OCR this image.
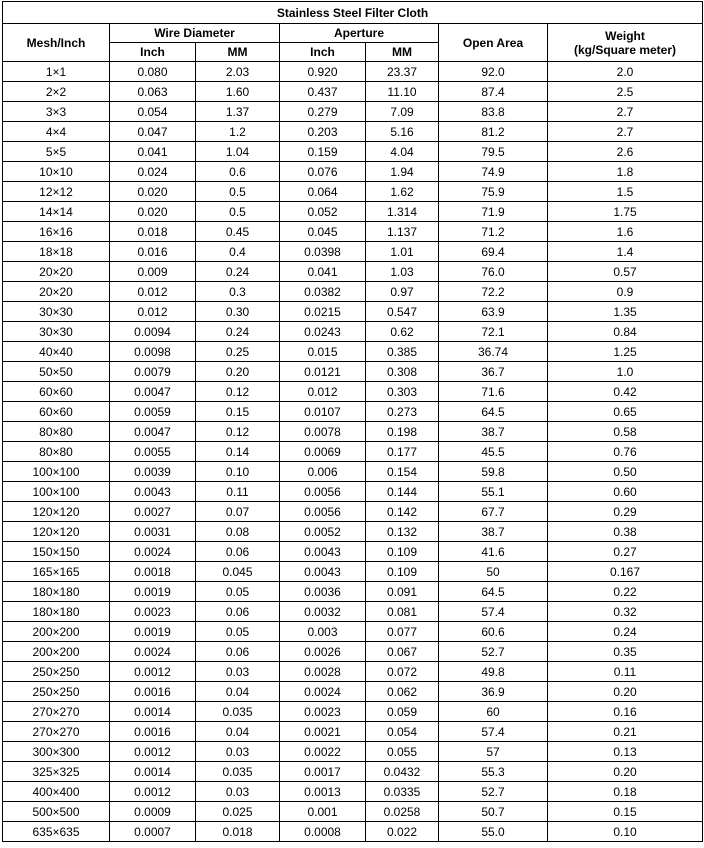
Stainless Steel Filter Cloth						
Mesh/Inch	Wire Diameter		Aperture		Open Area	Weight
(kg/Square meter)

	Inch	MM	Inch	MM		
1×1	0.080	2.03	0.920	23.37	92.0	2.0
2×2	0.063	1.60	0.437	11.10	87.4	2.5
3×3	0.054	1.37	0.279	7.09	83.8	2.7
4×4	0.047	1.2	0.203	5.16	81.2	2.7
5×5	0.041	1.04	0.159	4.04	79.5	2.6
10×10	0.024	0.6	0.076	1.94	74.9	1.8
12×12	0.020	0.5	0.064	1.62	75.9	1.5
14×14	0.020	0.5	0.052	1.314	71.9	1.75
16×16	0.018	0.45	0.045	1.137	71.2	1.6
18×18	0.016	0.4	0.0398	1.01	69.4	1.4
20×20	0.009	0.24	0.041	1.03	76.0	0.57
20×20	0.012	0.3	0.0382	0.97	72.2	0.9
30×30	0.012	0.30	0.0215	0.547	63.9	1.35
30×30	0.0094	0.24	0.0243	0.62	72.1	0.84
40×40	0.0098	0.25	0.015	0.385	36.74	1.25
50×50	0.0079	0.20	0.0121	0.308	36.7	1.0
60×60	0.0047	0.12	0.012	0.303	71.6	0.42
60×60	0.0059	0.15	0.0107	0.273	64.5	0.65
80×80	0.0047	0.12	0.0078	0.198	38.7	0.58
80×80	0.0055	0.14	0.0069	0.177	45.5	0.76
100×100	0.0039	0.10	0.006	0.154	59.8	0.50
100×100	0.0043	0.11	0.0056	0.144	55.1	0.60
120×120	0.0027	0.07	0.0056	0.142	67.7	0.29
120×120	0.0031	0.08	0.0052	0.132	38.7	0.38
150×150	0.0024	0.06	0.0043	0.109	41.6	0.27
165×165	0.0018	0.045	0.0043	0.109	50	0.167
180×180	0.0019	0.05	0.0036	0.091	64.5	0.22
180×180	0.0023	0.06	0.0032	0.081	57.4	0.32
200×200	0.0019	0.05	0.003	0.077	60.6	0.24
200×200	0.0024	0.06	0.0026	0.067	52.7	0.35
250×250	0.0012	0.03	0.0028	0.072	49.8	0.11
250×250	0.0016	0.04	0.0024	0.062	36.9	0.20
270×270	0.0014	0.035	0.0023	0.059	60	0.16
270×270	0.0016	0.04	0.0021	0.054	57.4	0.21
300×300	0.0012	0.03	0.0022	0.055	57	0.13
325×325	0.0014	0.035	0.0017	0.0432	55.3	0.20
400×400	0.0012	0.03	0.0013	0.0335	52.7	0.18
500×500	0.0009	0.025	0.001	0.0258	50.7	0.15
635×635	0.0007	0.018	0.0008	0.022	55.0	0.10
